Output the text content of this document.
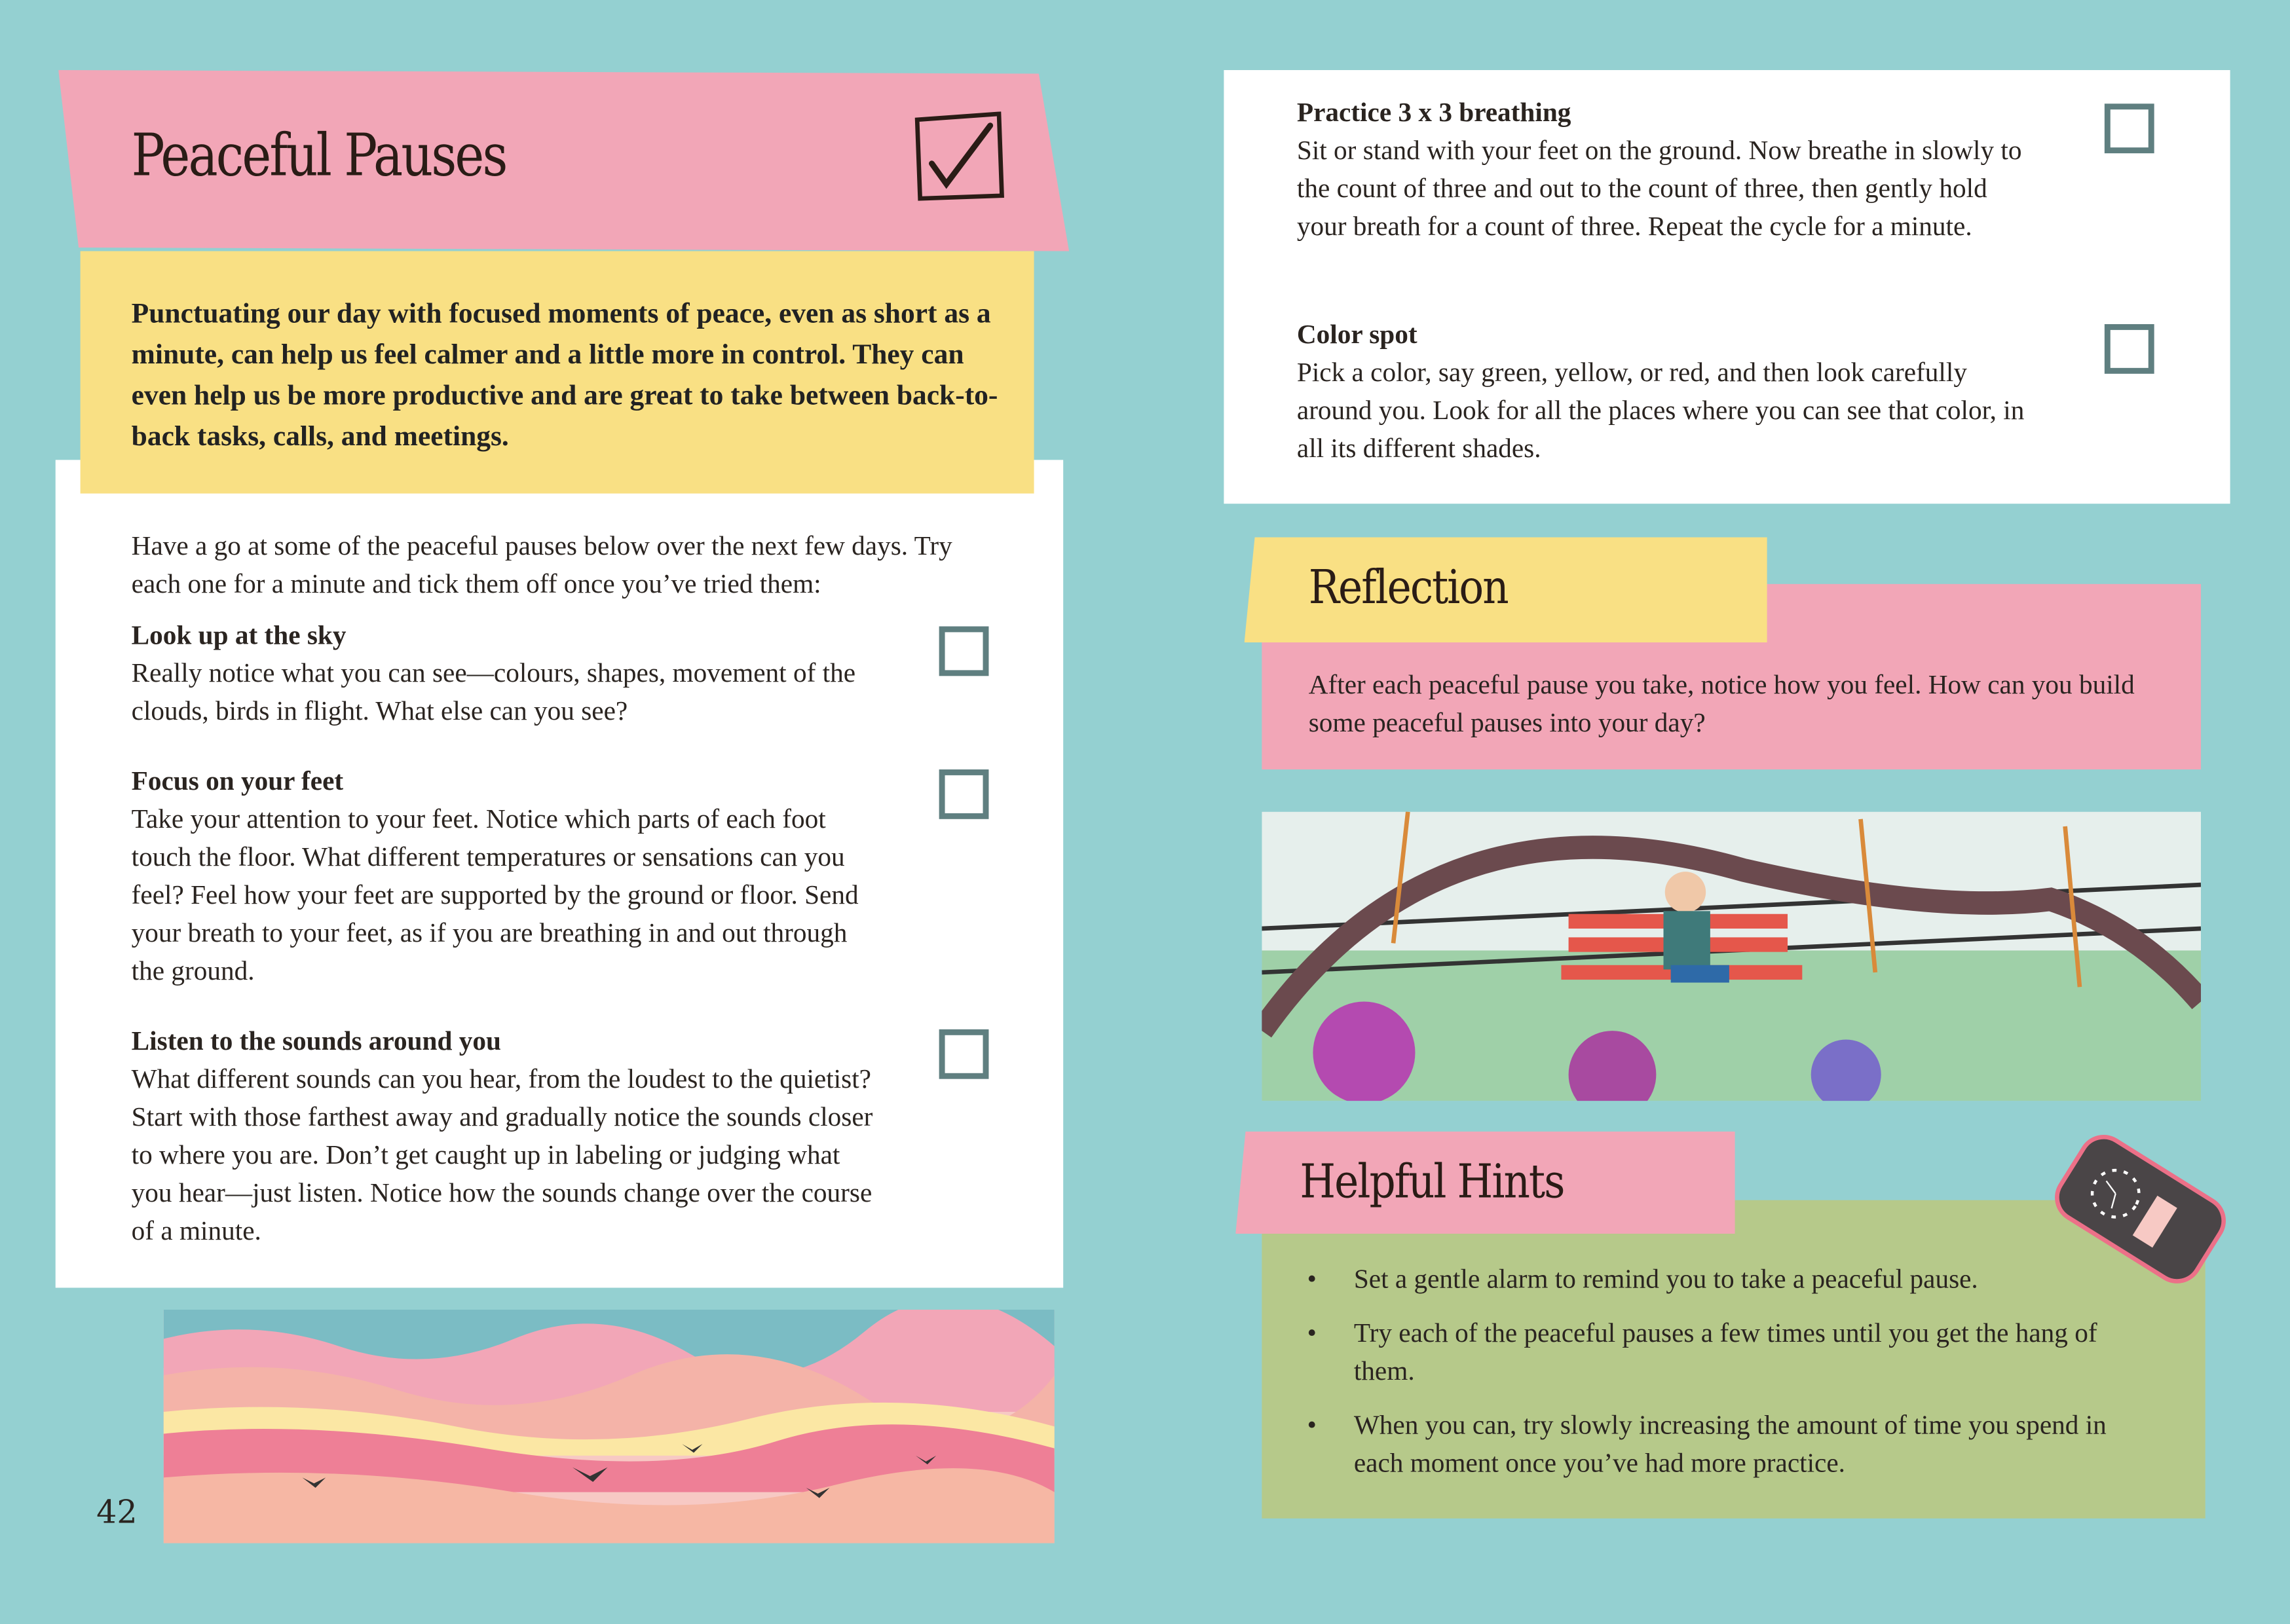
Peaceful Pauses
Punctuating our day with focused moments of peace, even as short as a minute, can help us feel calmer and a little more in control. They can even help us be more productive and are great to take between back-to-back tasks, calls, and meetings.
Have a go at some of the peaceful pauses below over the next few days. Try each one for a minute and tick them off once you’ve tried them:
Look up at the sky
Really notice what you can see—colours, shapes, movement of the clouds, birds in flight. What else can you see?
Focus on your feet
Take your attention to your feet. Notice which parts of each foot touch the floor. What different temperatures or sensations can you feel? Feel how your feet are supported by the ground or floor. Send your breath to your feet, as if you are breathing in and out through the ground.
Listen to the sounds around you
What different sounds can you hear, from the loudest to the quietist? Start with those farthest away and gradually notice the sounds closer to where you are. Don’t get caught up in labeling or judging what you hear—just listen. Notice how the sounds change over the course of a minute.
42
Practice 3 x 3 breathing
Sit or stand with your feet on the ground. Now breathe in slowly to the count of three and out to the count of three, then gently hold your breath for a count of three. Repeat the cycle for a minute.
Color spot
Pick a color, say green, yellow, or red, and then look carefully around you. Look for all the places where you can see that color, in all its different shades.
Reflection
After each peaceful pause you take, notice how you feel. How can you build some peaceful pauses into your day?
Helpful Hints
• Set a gentle alarm to remind you to take a peaceful pause.
• Try each of the peaceful pauses a few times until you get the hang of them.
• When you can, try slowly increasing the amount of time you spend in each moment once you’ve had more practice.
